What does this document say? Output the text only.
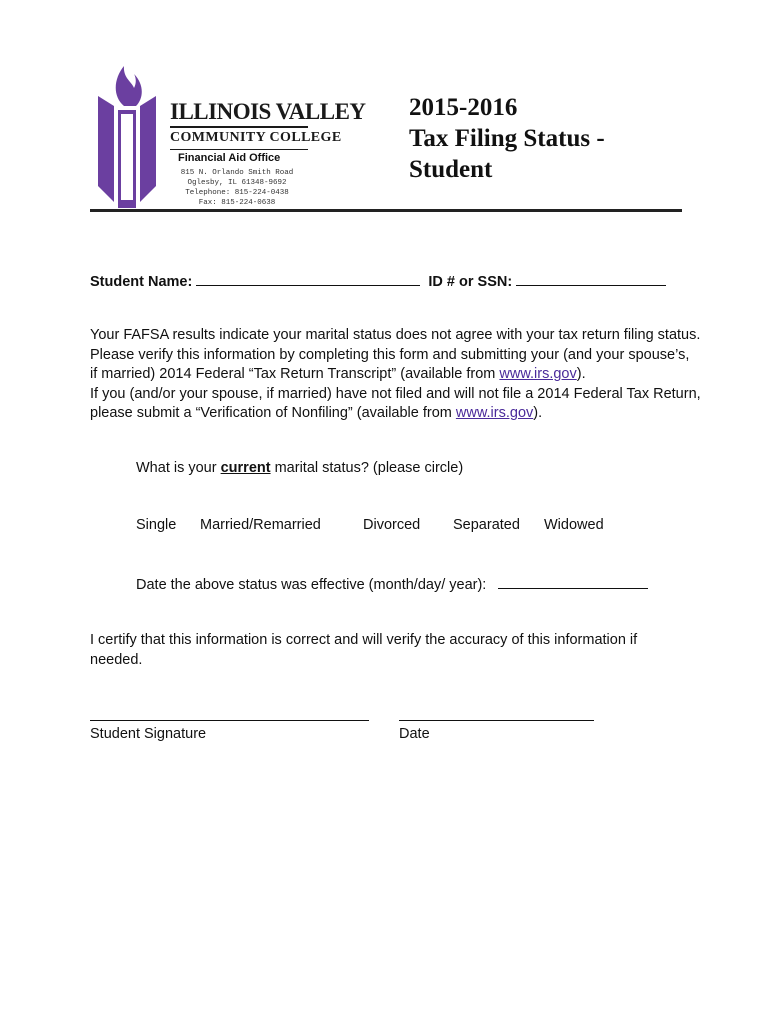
ILLINOIS VALLEY
COMMUNITY COLLEGE
Financial Aid Office
815 N. Orlando Smith Road
Oglesby, IL 61348-9692
Telephone: 815-224-0438
Fax: 815-224-0638
2015-2016
Tax Filing Status -
Student
Student Name:	ID # or SSN:
Your FAFSA results indicate your marital status does not agree with your tax return filing status.
Please verify this information by completing this form and submitting your (and your spouse’s,
if married) 2014 Federal “Tax Return Transcript” (available from www.irs.gov).
If you (and/or your spouse, if married) have not filed and will not file a 2014 Federal Tax Return,
please submit a “Verification of Nonfiling” (available from www.irs.gov).
What is your current marital status? (please circle)
Single Married/Remarried	Divorced Separated Widowed
Date the above status was effective (month/day/ year):
I certify that this information is correct and will verify the accuracy of this information if
needed.
Student Signature	Date
